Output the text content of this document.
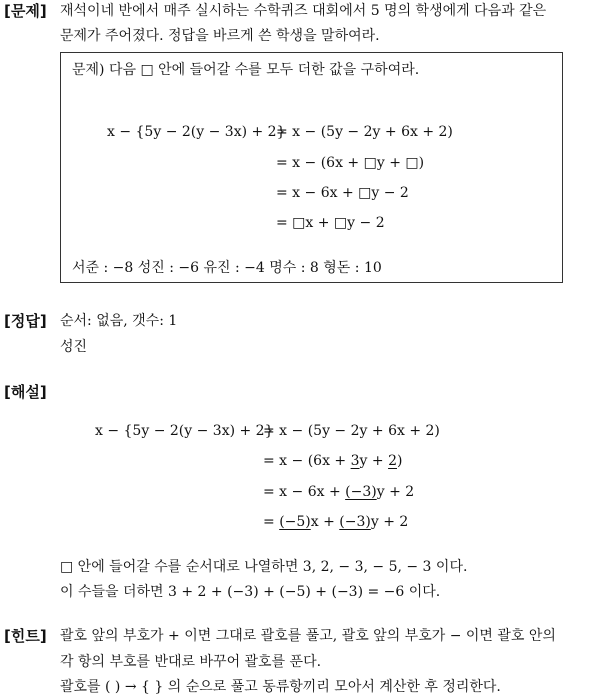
[문제] 재석이네 반에서 매주 실시하는 수학퀴즈 대회에서 5 명의 학생에게 다음과 같은
문제가 주어졌다. 정답을 바르게 쓴 학생을 말하여라.
문제) 다음 □ 안에 들어갈 수를 모두 더한 값을 구하여라.
x − {5y − 2(y − 3x) + 2}
= x − (5y − 2y + 6x + 2)
= x − (6x + □y + □)
= x − 6x + □y − 2
= □x + □y − 2
서준 : −8 성진 : −6 유진 : −4 명수 : 8 형돈 : 10
[정답] 순서: 없음, 갯수: 1
성진
[해설]
x − {5y − 2(y − 3x) + 2}
= x − (5y − 2y + 6x + 2)
= x − (6x + 3y + 2)
= x − 6x + (−3)y + 2
= (−5)x + (−3)y + 2
□ 안에 들어갈 수를 순서대로 나열하면 3, 2, − 3, − 5, − 3 이다.
이 수들을 더하면 3 + 2 + (−3) + (−5) + (−3) = −6 이다.
[힌트] 괄호 앞의 부호가 + 이면 그대로 괄호를 풀고, 괄호 앞의 부호가 − 이면 괄호 안의
각 항의 부호를 반대로 바꾸어 괄호를 푼다.
괄호를 ( ) → { } 의 순으로 풀고 동류항끼리 모아서 계산한 후 정리한다.
